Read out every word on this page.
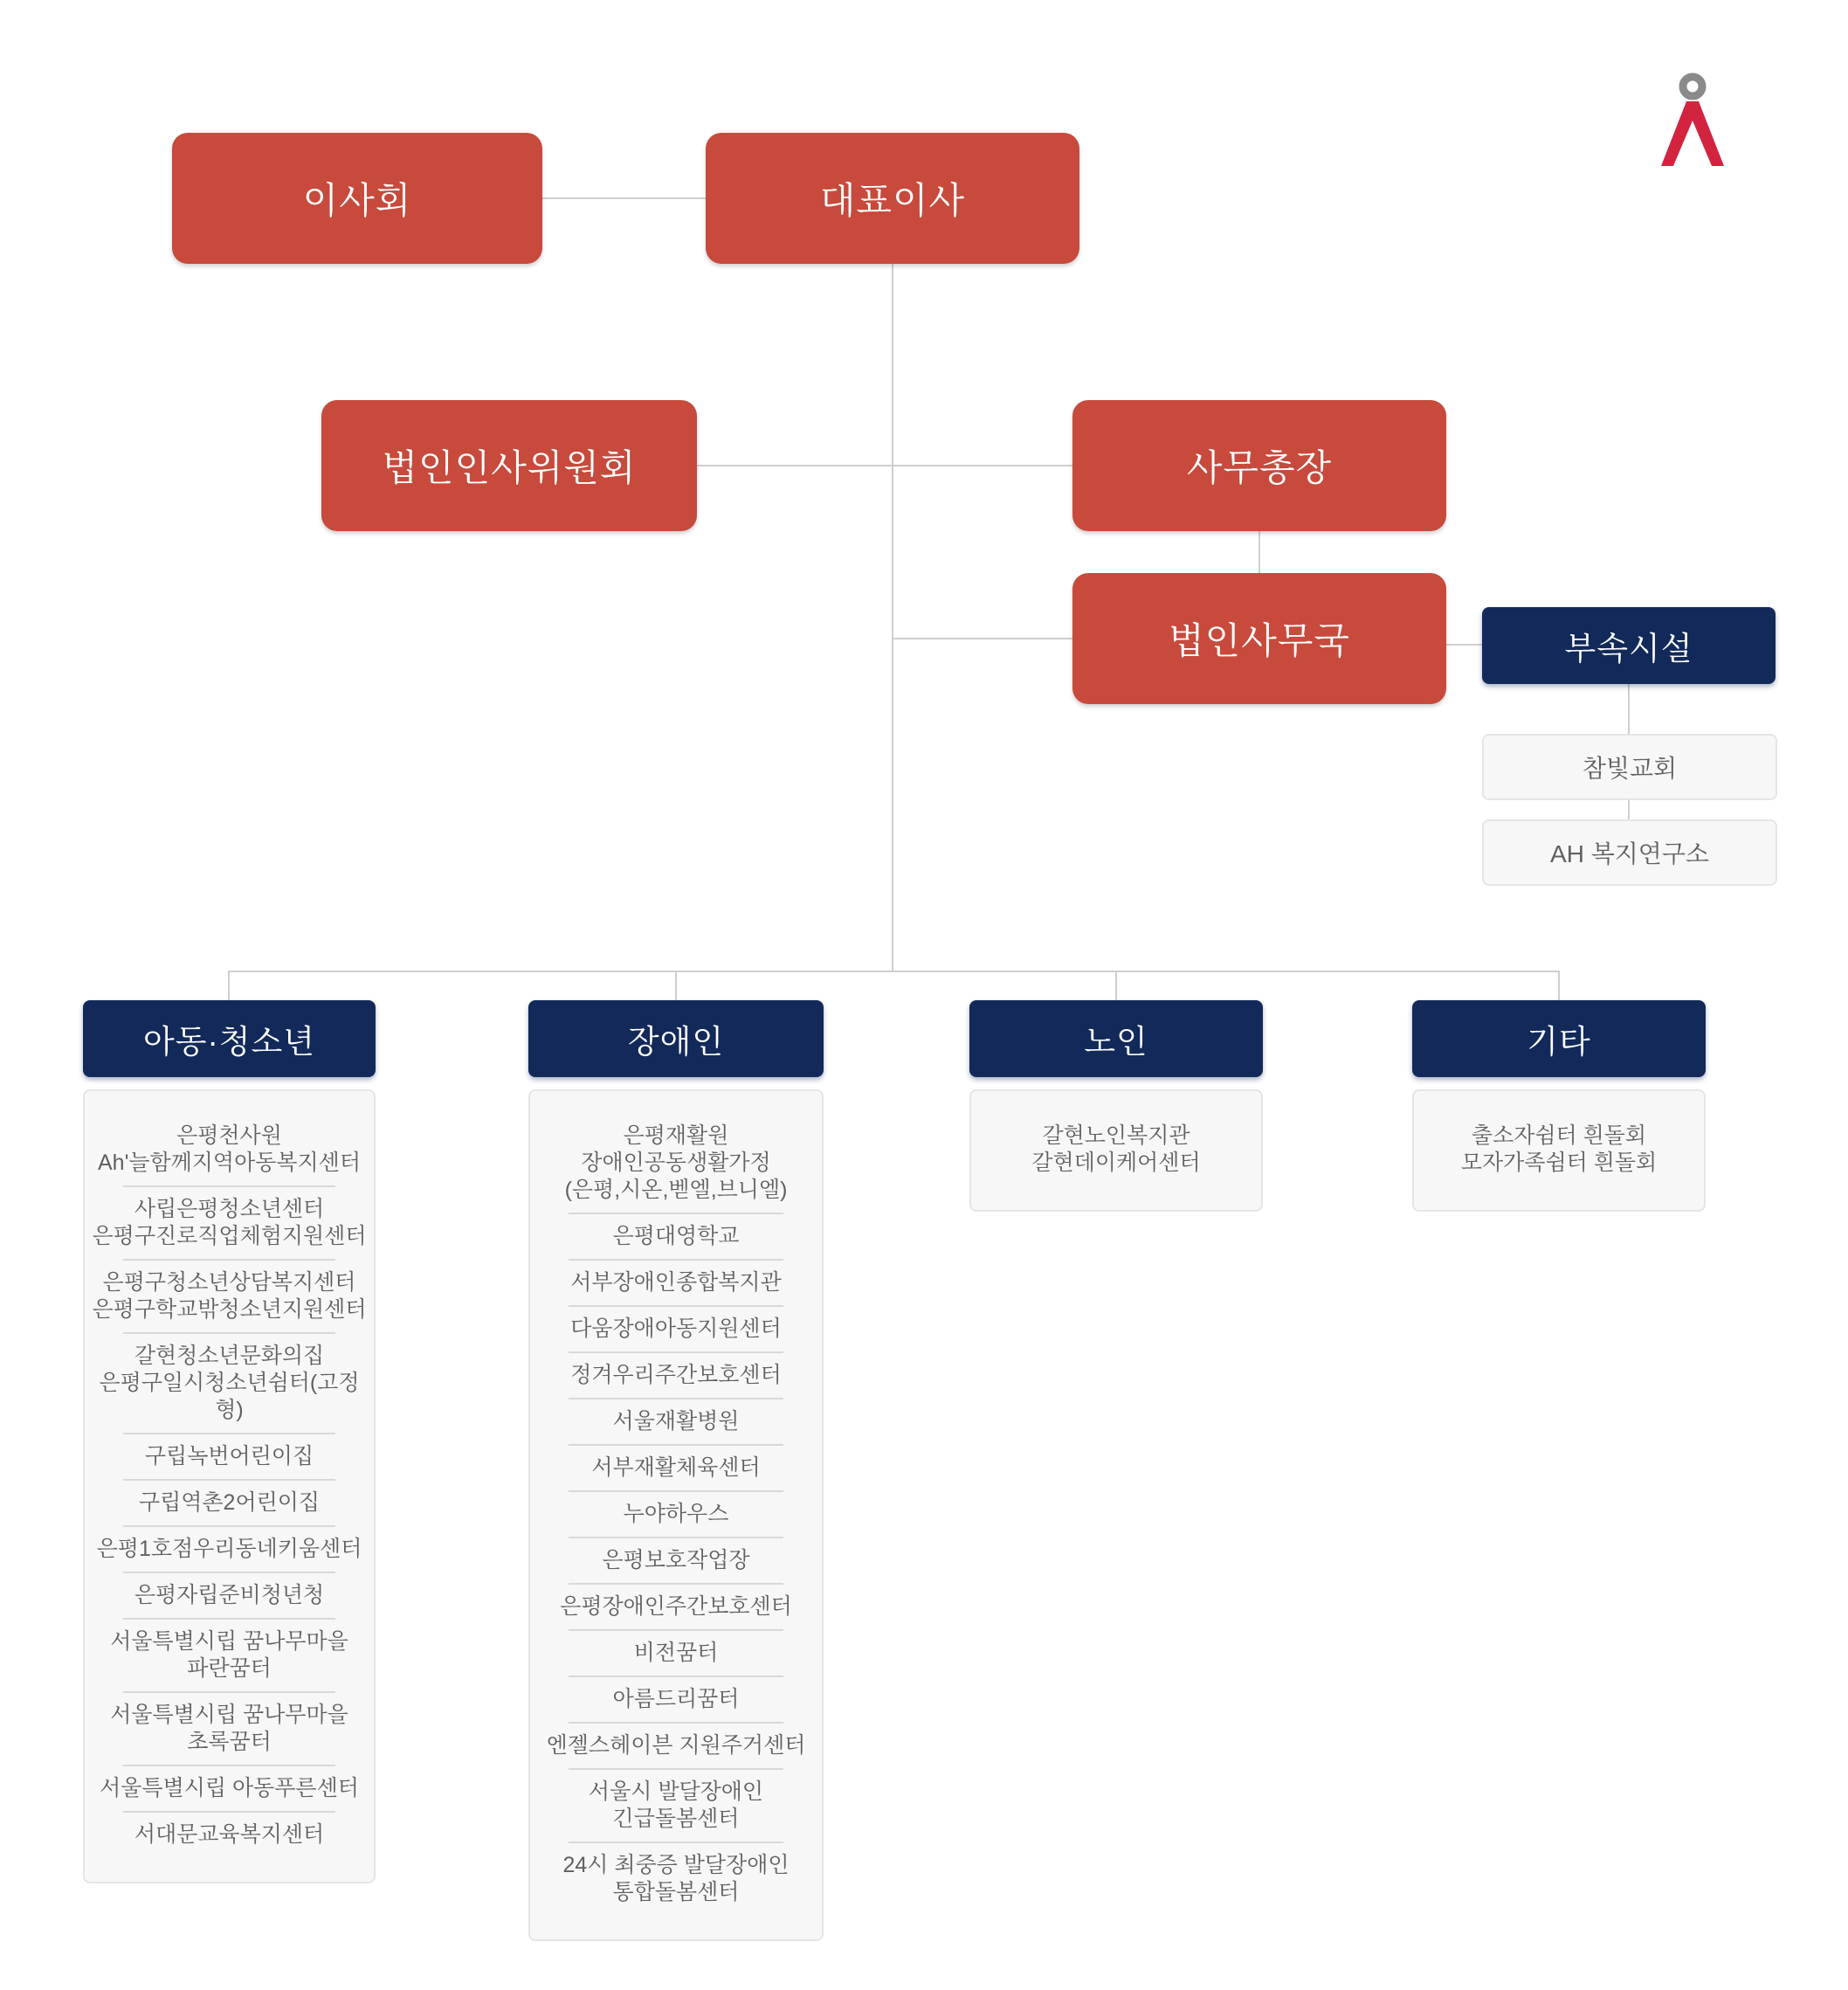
이사회	대표이사
법인인사위원회	사무총장
법인사무국	부속시설
참빛교회
AH 복지연구소
아동·청소년
은평천사원
Ah'늘함께지역아동복지센터
사립은평청소년센터
은평구진로직업체험지원센터
은평구청소년상담복지센터
은평구학교밖청소년지원센터
갈현청소년문화의집
은평구일시청소년쉼터(고정형)
구립녹번어린이집
구립역촌2어린이집
은평1호점우리동네키움센터
은평자립준비청년청
서울특별시립 꿈나무마을
파란꿈터
서울특별시립 꿈나무마을
초록꿈터
서울특별시립 아동푸른센터
서대문교육복지센터
장애인
은평재활원
장애인공동생활가정
(은평,시온,벧엘,브니엘)
은평대영학교
서부장애인종합복지관
다움장애아동지원센터
정겨우리주간보호센터
서울재활병원
서부재활체육센터
누야하우스
은평보호작업장
은평장애인주간보호센터
비전꿈터
아름드리꿈터
엔젤스헤이븐 지원주거센터
서울시 발달장애인
긴급돌봄센터
24시 최중증 발달장애인
통합돌봄센터
노인
갈현노인복지관
갈현데이케어센터
기타
출소자쉼터 흰돌회
모자가족쉼터 흰돌회
